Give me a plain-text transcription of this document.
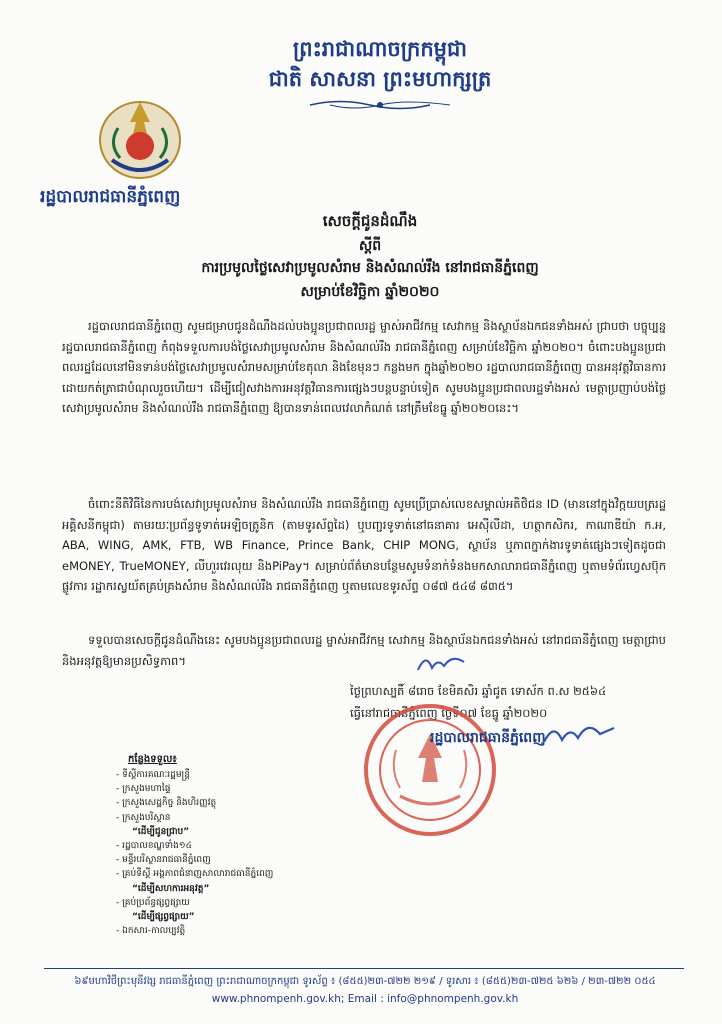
ព្រះរាជាណាចក្រកម្ពុជា
ជាតិ សាសនា ព្រះមហាក្សត្រ
រដ្ឋបាលរាជធានីភ្នំពេញ
សេចក្តីជូនដំណឹង
ស្តីពី
ការប្រមូលថ្លៃសេវាប្រមូលសំរាម និងសំណល់រឹង នៅរាជធានីភ្នំពេញ
សម្រាប់ខែវិច្ឆិកា ឆ្នាំ២០២០
រដ្ឋបាលរាជធានីភ្នំពេញ សូមជម្រាបជូនដំណឹងដល់បងប្អូនប្រជាពលរដ្ឋ ម្ចាស់អាជីវកម្ម សេវាកម្ម និងស្ថាប័នឯកជនទាំងអស់ ជ្រាបថា បច្ចុប្បន្ន រដ្ឋបាលរាជធានីភ្នំពេញ កំពុងទទួលការបង់ថ្លៃសេវាប្រមូលសំរាម និងសំណល់រឹង រាជធានីភ្នំពេញ សម្រាប់ខែវិច្ឆិកា ឆ្នាំ២០២០។ ចំពោះបងប្អូនប្រជាពលរដ្ឋដែលនៅមិនទាន់បង់ថ្លៃសេវាប្រមូលសំរាមសម្រាប់ខែតុលា និងខែមុនៗ កន្លងមក ក្នុងឆ្នាំ២០២០ រដ្ឋបាលរាជធានីភ្នំពេញ បានអនុវត្តវិធានការដោយកត់ត្រាជាបំណុលរួចហើយ។ ដើម្បីជៀសវាងការអនុវត្តវិធានការផ្សេងៗបន្តបន្ទាប់ទៀត សូមបងប្អូនប្រជាពលរដ្ឋទាំងអស់ មេត្តាប្រញាប់បង់ថ្លៃសេវាប្រមូលសំរាម និងសំណល់រឹង រាជធានីភ្នំពេញ ឱ្យបានទាន់ពេលវេលាកំណត់ នៅត្រឹមខែធ្នូ ឆ្នាំ២០២០នេះ។
ចំពោះនីតិវិធីនៃការបង់សេវាប្រមូលសំរាម និងសំណល់រឹង រាជធានីភ្នំពេញ សូមប្រើប្រាស់លេខសម្គាល់អតិថិជន ID (មាននៅក្នុងវិក្កយបត្ររដ្ឋអគ្គិសនីកម្ពុជា) តាមរយៈប្រព័ន្ធទូទាត់អេឡិចត្រូនិក (តាមទូរស័ព្ទដៃ) ឬបញ្ជរទូទាត់នៅធនាគារ អេស៊ីលីដា, ហត្ថាកសិករ, កាណាឌីយ៉ា ក.អ, ABA, WING, AMK, FTB, WB Finance, Prince Bank, CHIP MONG, ស្ថាប័ន ឬភាពក្នាក់ងារទូទាត់ផ្សេងៗទៀតដូចជា eMONEY, TrueMONEY, លីហួរវេរលុយ និងPiPay។ សម្រាប់ព័ត៌មានបន្ថែមសូមទំនាក់ទំនងមកសាលារាជធានីភ្នំពេញ ឬតាមទំព័រហ្វេសប៊ុកផ្លូវការ រដ្ឋាករស្វយ័តគ្រប់គ្រងសំរាម និងសំណល់រឹង រាជធានីភ្នំពេញ ឬតាមលេខទូរស័ព្ទ ០៨៧ ៥៤៨ ៨៣៥។
ទទួលបានសេចក្តីជូនដំណឹងនេះ សូមបងប្អូនប្រជាពលរដ្ឋ ម្ចាស់អាជីវកម្ម សេវាកម្ម និងស្ថាប័នឯកជនទាំងអស់ នៅរាជធានីភ្នំពេញ មេត្តាជ្រាប និងអនុវត្តឱ្យមានប្រសិទ្ធភាព។
ថ្ងៃព្រហស្បតិ៍ ៨រោច ខែមិគសិរ ឆ្នាំជូត ទោស័ក ព.ស ២៥៦៤
ធ្វើនៅរាជធានីភ្នំពេញ ថ្ងៃទី០៧ ខែធ្នូ ឆ្នាំ២០២០
រដ្ឋបាលរាជធានីភ្នំពេញ
កន្លែងទទួល៖
- ទីស្តីការគណៈរដ្ឋមន្ត្រី
- ក្រសួងមហាផ្ទៃ
- ក្រសួងសេដ្ឋកិច្ច និងហិរញ្ញវត្ថុ
- ក្រសួងបរិស្ថាន
“ដើម្បីជូនជ្រាប”
- រដ្ឋបាលខណ្ឌទាំង១៤
- មន្ទីរបរិស្ថានរាជធានីភ្នំពេញ
- គ្រប់ទីស្តី អង្គភាពជំនាញសាលារាជធានីភ្នំពេញ
“ដើម្បីសហការអនុវត្ត”
- គ្រប់ប្រព័ន្ធផ្សព្វផ្សាយ
“ដើម្បីផ្សព្វផ្សាយ”
- ឯកសារ-កាលប្បវត្តិ
៦៩មហាវិថីព្រះមុនីវង្ស រាជធានីភ្នំពេញ ព្រះរាជាណាចក្រកម្ពុជា ទូរស័ព្ទ ៖ (៨៥៥)២៣-៧២២ ២១៩ / ទូរសារ ៖ (៨៥៥)២៣-៧២៥ ៦២៦ / ២៣-៧២២ ០៥៤
www.phnompenh.gov.kh; Email : info@phnompenh.gov.kh
